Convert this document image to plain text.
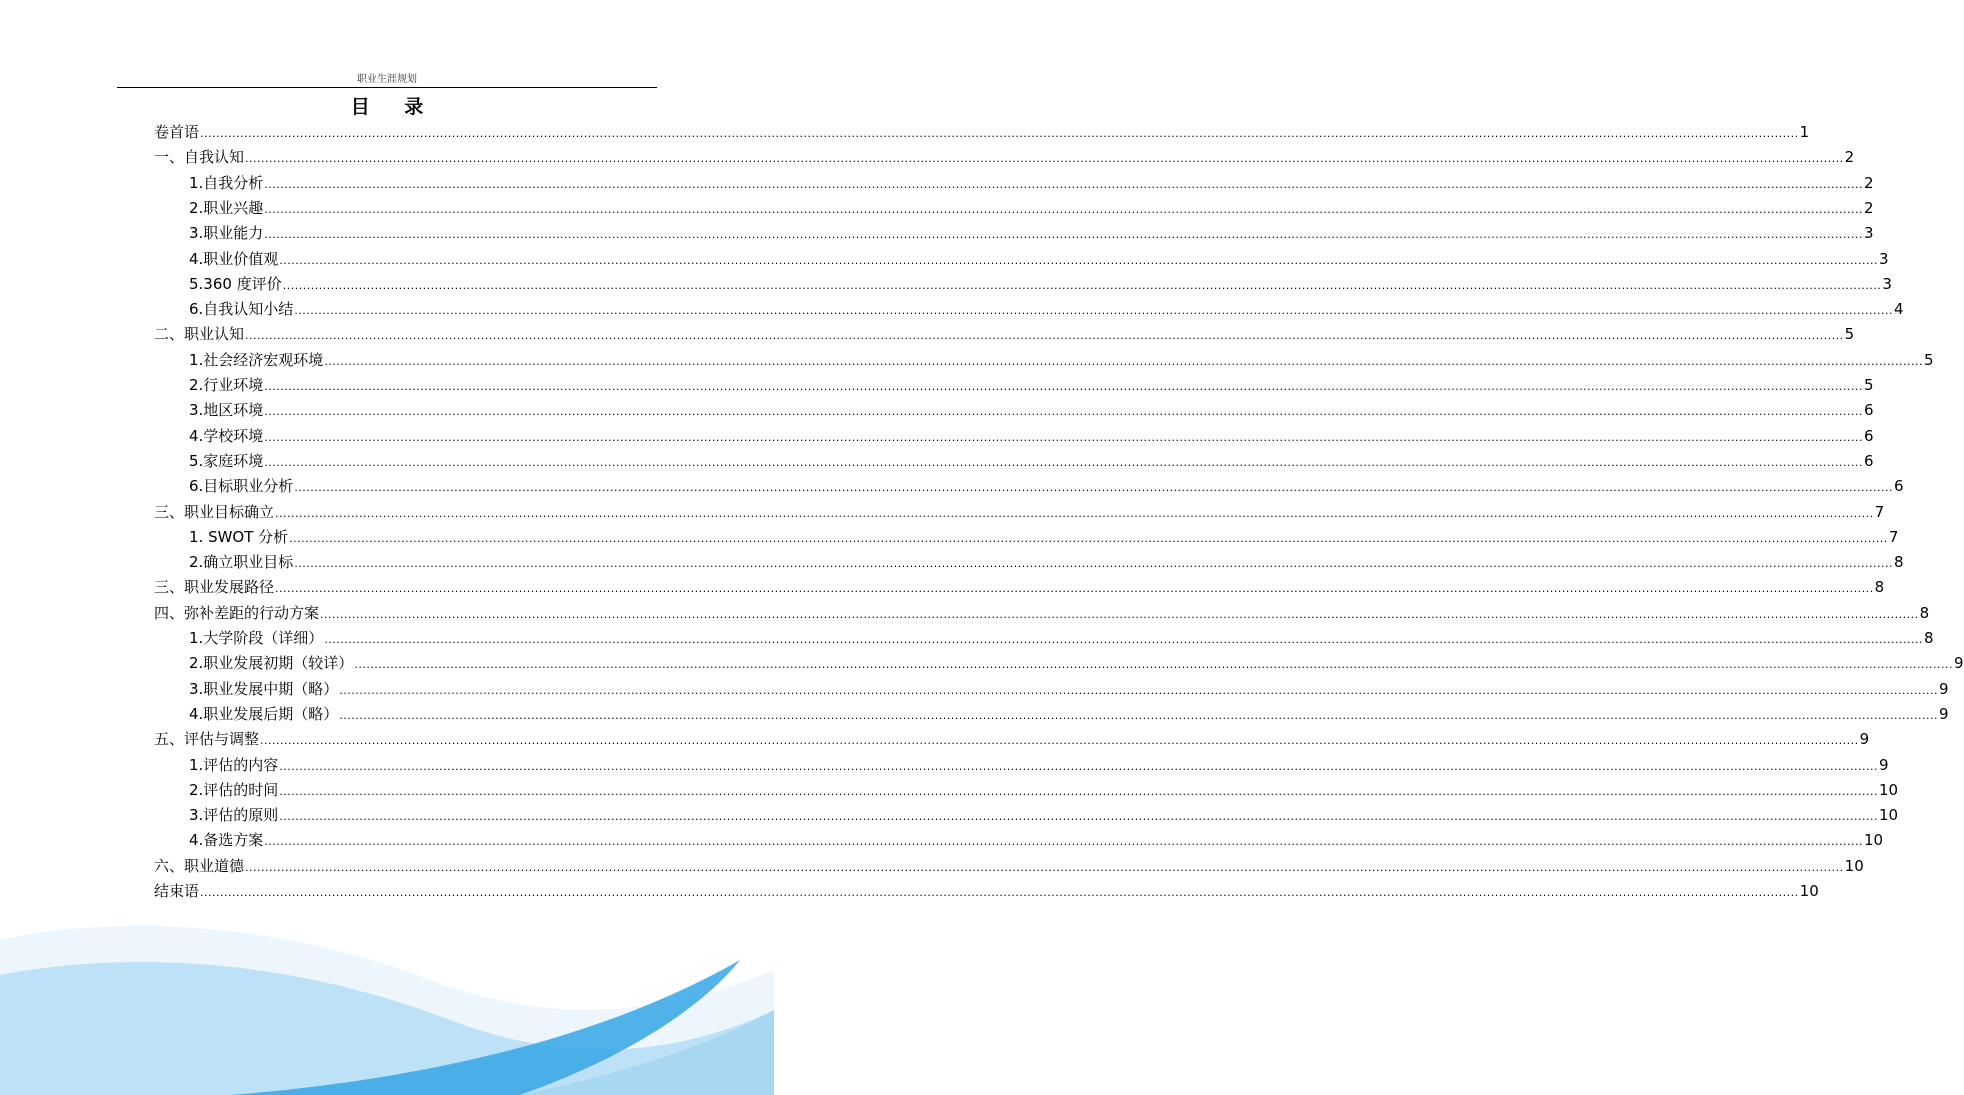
职业生涯规划
目 录
卷首语 ................................................................................................................................................................................................................................................................................................................................................................................................................ 1
一、自我认知 ................................................................................................................................................................................................................................................................................................................................................................................................................ 2
1.自我分析 ................................................................................................................................................................................................................................................................................................................................................................................................................ 2
2.职业兴趣 ................................................................................................................................................................................................................................................................................................................................................................................................................ 2
3.职业能力 ................................................................................................................................................................................................................................................................................................................................................................................................................ 3
4.职业价值观 ................................................................................................................................................................................................................................................................................................................................................................................................................ 3
5.360 度评价 ................................................................................................................................................................................................................................................................................................................................................................................................................ 3
6.自我认知小结 ................................................................................................................................................................................................................................................................................................................................................................................................................ 4
二、职业认知 ................................................................................................................................................................................................................................................................................................................................................................................................................ 5
1.社会经济宏观环境 ................................................................................................................................................................................................................................................................................................................................................................................................................ 5
2.行业环境 ................................................................................................................................................................................................................................................................................................................................................................................................................ 5
3.地区环境 ................................................................................................................................................................................................................................................................................................................................................................................................................ 6
4.学校环境 ................................................................................................................................................................................................................................................................................................................................................................................................................ 6
5.家庭环境 ................................................................................................................................................................................................................................................................................................................................................................................................................ 6
6.目标职业分析 ................................................................................................................................................................................................................................................................................................................................................................................................................ 6
三、职业目标确立 ................................................................................................................................................................................................................................................................................................................................................................................................................ 7
1. SWOT 分析 ................................................................................................................................................................................................................................................................................................................................................................................................................ 7
2.确立职业目标 ................................................................................................................................................................................................................................................................................................................................................................................................................ 8
三、职业发展路径 ................................................................................................................................................................................................................................................................................................................................................................................................................ 8
四、弥补差距的行动方案 ................................................................................................................................................................................................................................................................................................................................................................................................................ 8
1.大学阶段（详细） ................................................................................................................................................................................................................................................................................................................................................................................................................ 8
2.职业发展初期（较详） ................................................................................................................................................................................................................................................................................................................................................................................................................ 9
3.职业发展中期（略） ................................................................................................................................................................................................................................................................................................................................................................................................................ 9
4.职业发展后期（略） ................................................................................................................................................................................................................................................................................................................................................................................................................ 9
五、评估与调整 ................................................................................................................................................................................................................................................................................................................................................................................................................ 9
1.评估的内容 ................................................................................................................................................................................................................................................................................................................................................................................................................ 9
2.评估的时间 ................................................................................................................................................................................................................................................................................................................................................................................................................ 10
3.评估的原则 ................................................................................................................................................................................................................................................................................................................................................................................................................ 10
4.备选方案 ................................................................................................................................................................................................................................................................................................................................................................................................................ 10
六、职业道德 ................................................................................................................................................................................................................................................................................................................................................................................................................ 10
结束语 ................................................................................................................................................................................................................................................................................................................................................................................................................ 10
